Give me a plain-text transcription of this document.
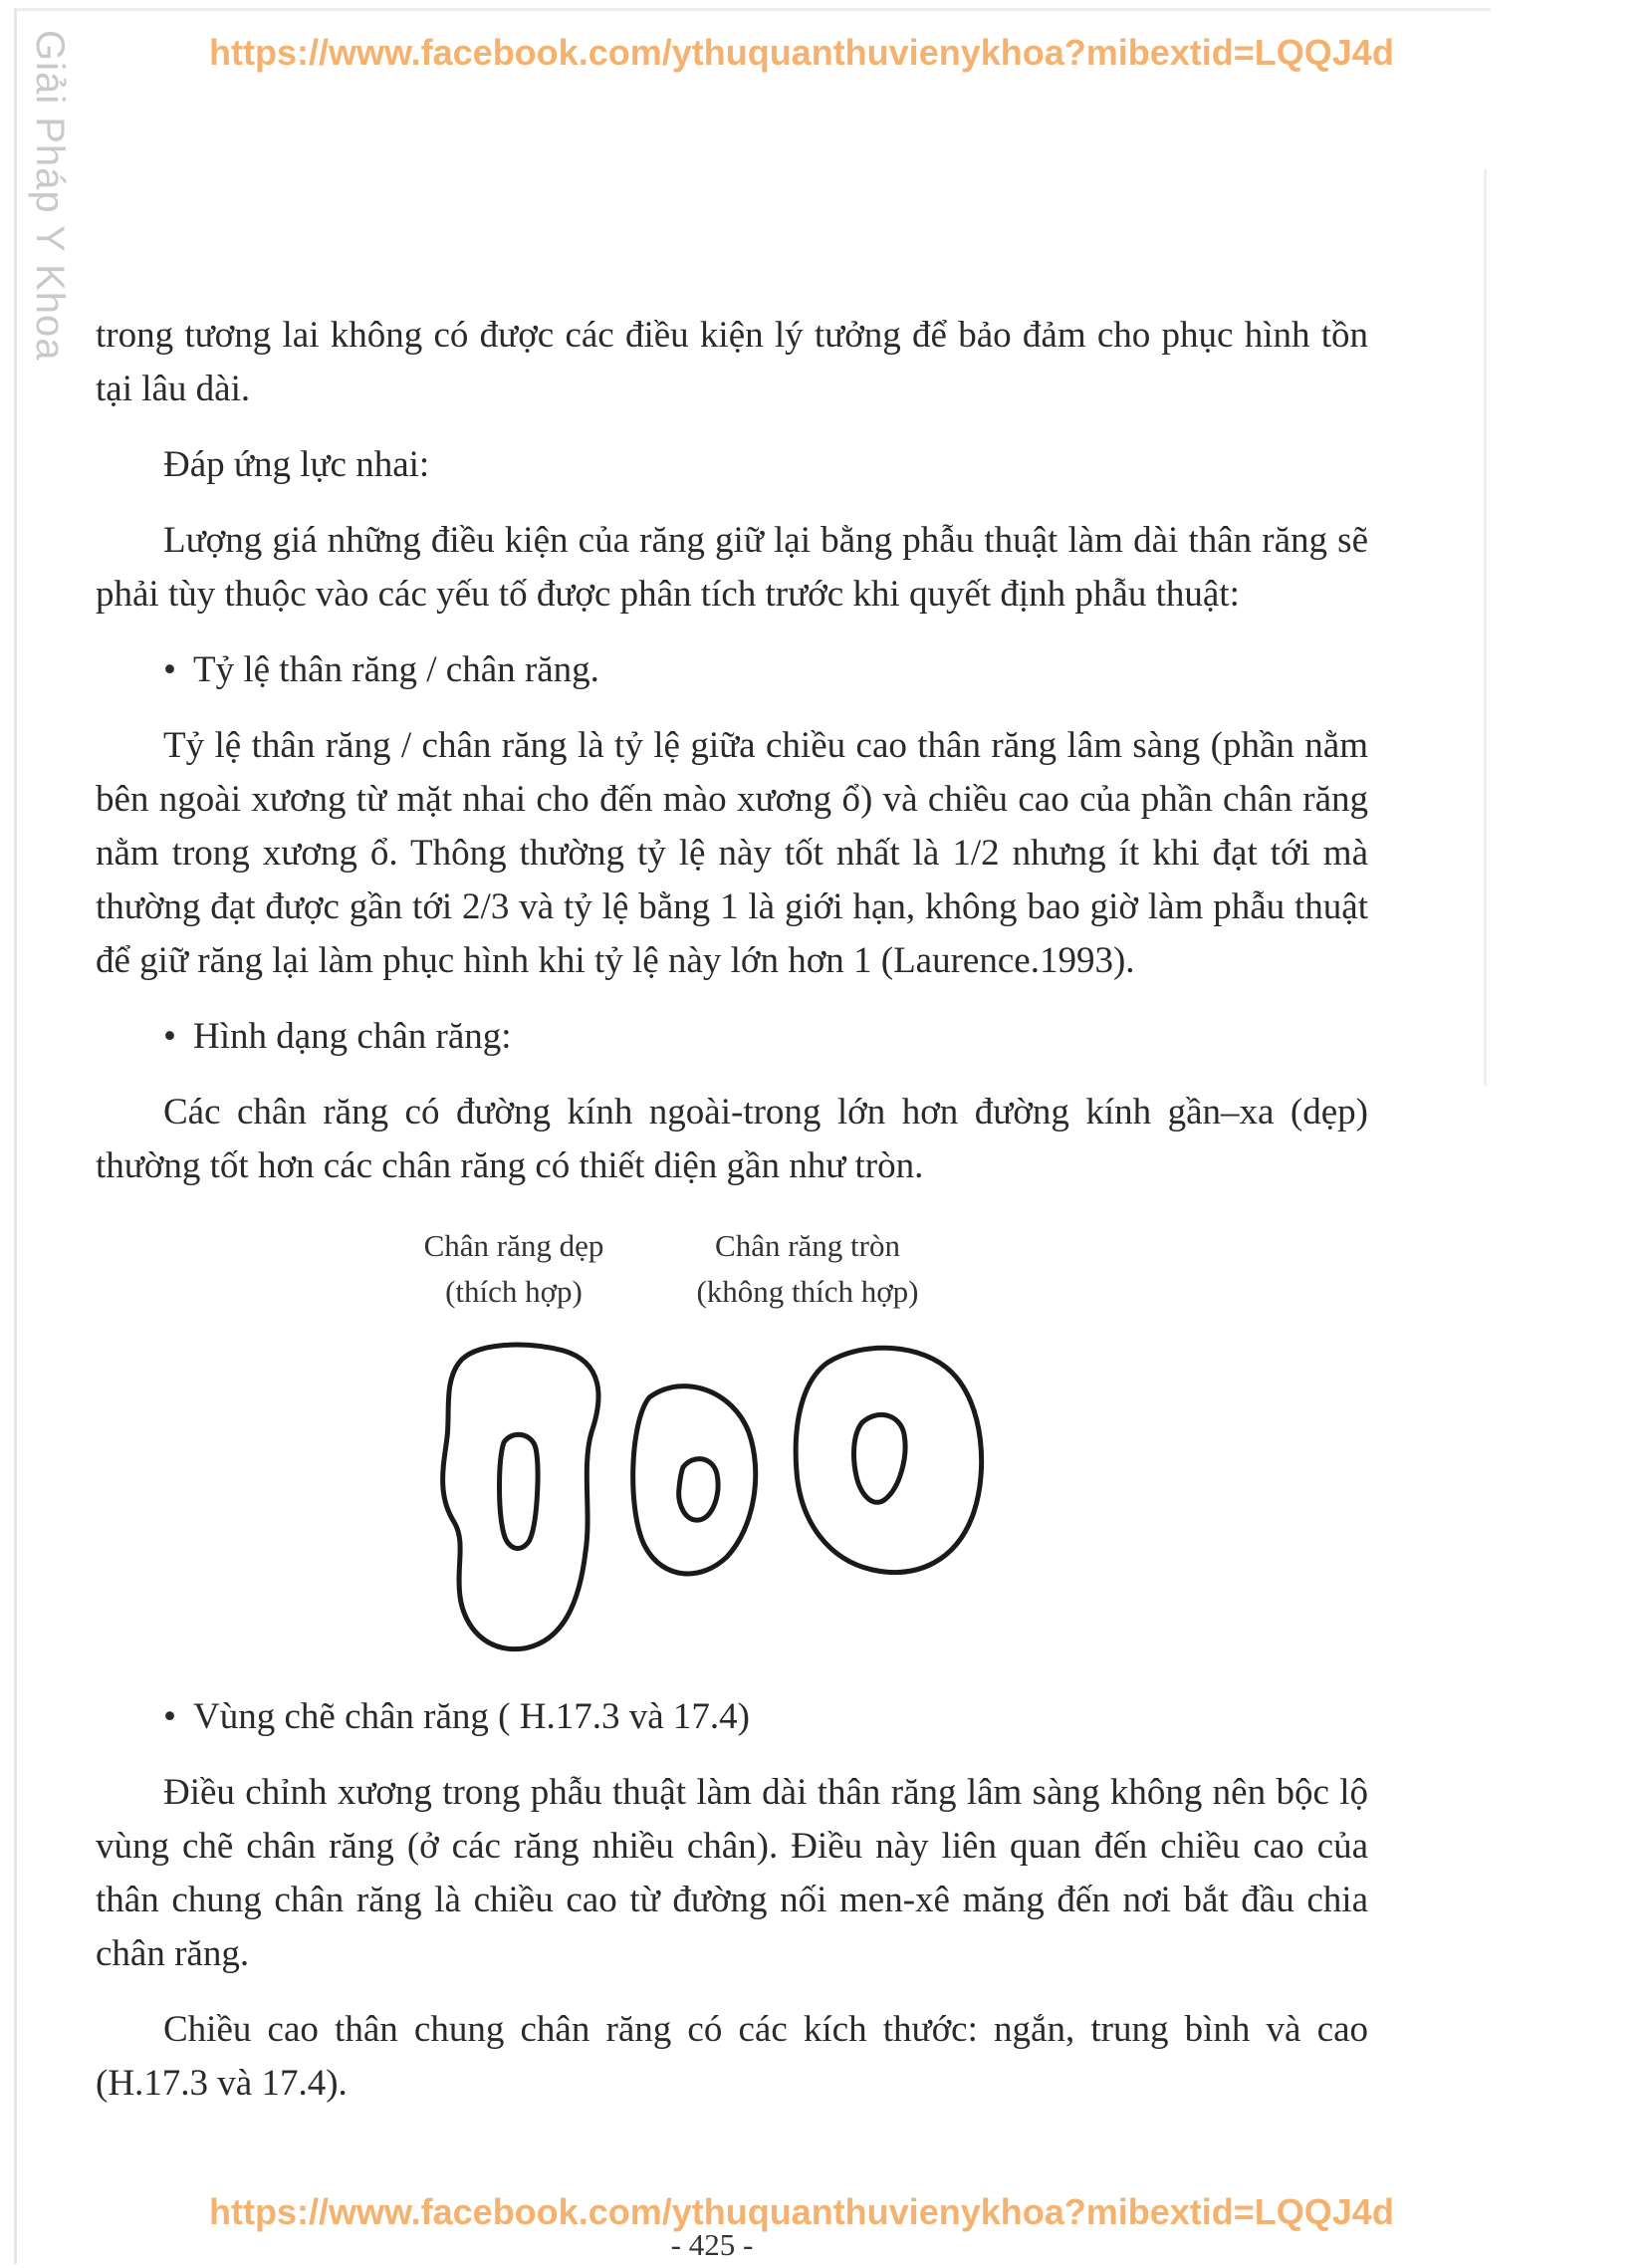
Giải Pháp Y Khoa	https://www.facebook.com/ythuquanthuvienykhoa?mibextid=LQQJ4d

trong tương lai không có được các điều kiện lý tưởng để bảo đảm cho phục hình tồn tại lâu dài.

Đáp ứng lực nhai:

Lượng giá những điều kiện của răng giữ lại bằng phẫu thuật làm dài thân răng sẽ phải tùy thuộc vào các yếu tố được phân tích trước khi quyết định phẫu thuật:

• Tỷ lệ thân răng / chân răng.

Tỷ lệ thân răng / chân răng là tỷ lệ giữa chiều cao thân răng lâm sàng (phần nằm bên ngoài xương từ mặt nhai cho đến mào xương ổ) và chiều cao của phần chân răng nằm trong xương ổ. Thông thường tỷ lệ này tốt nhất là 1/2 nhưng ít khi đạt tới mà thường đạt được gần tới 2/3 và tỷ lệ bằng 1 là giới hạn, không bao giờ làm phẫu thuật để giữ răng lại làm phục hình khi tỷ lệ này lớn hơn 1 (Laurence.1993).

• Hình dạng chân răng:

Các chân răng có đường kính ngoài-trong lớn hơn đường kính gần–xa (dẹp) thường tốt hơn các chân răng có thiết diện gần như tròn.

Chân răng dẹp
(thích hợp)
Chân răng tròn
(không thích hợp)

• Vùng chẽ chân răng ( H.17.3 và 17.4)

Điều chỉnh xương trong phẫu thuật làm dài thân răng lâm sàng không nên bộc lộ vùng chẽ chân răng (ở các răng nhiều chân). Điều này liên quan đến chiều cao của thân chung chân răng là chiều cao từ đường nối men-xê măng đến nơi bắt đầu chia chân răng.

Chiều cao thân chung chân răng có các kích thước: ngắn, trung bình và cao (H.17.3 và 17.4).

https://www.facebook.com/ythuquanthuvienykhoa?mibextid=LQQJ4d
- 425 -
